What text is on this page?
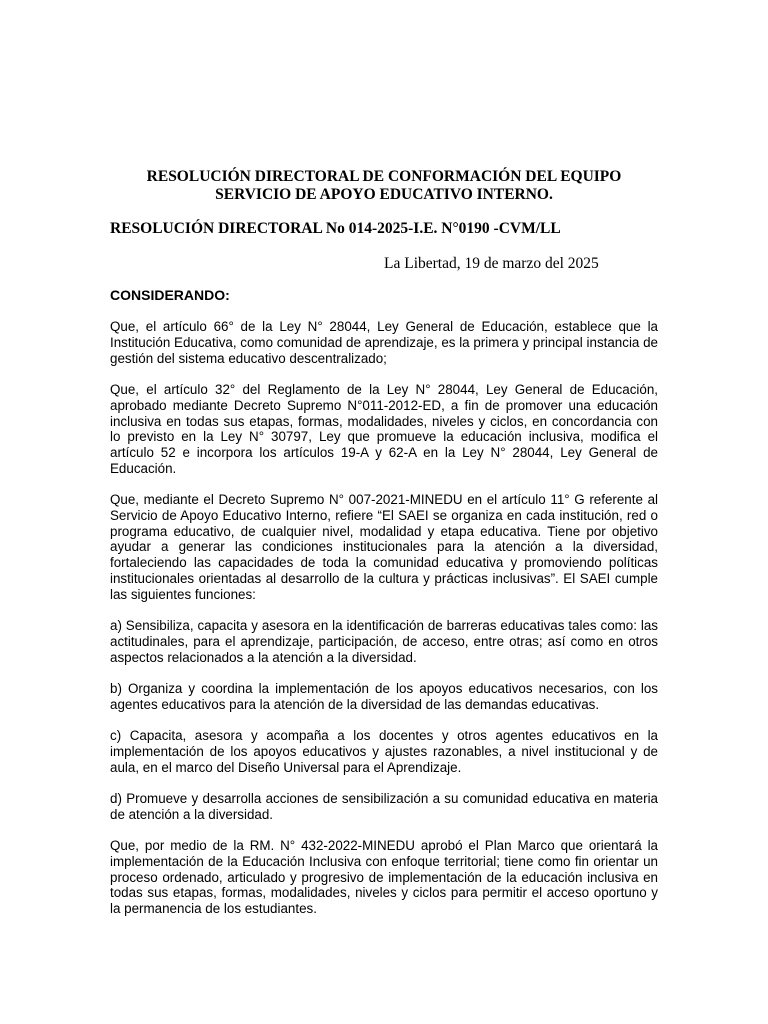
RESOLUCIÓN DIRECTORAL DE CONFORMACIÓN DEL EQUIPO
SERVICIO DE APOYO EDUCATIVO INTERNO.
RESOLUCIÓN DIRECTORAL No 014-2025-I.E. N°0190 -CVM/LL
La Libertad, 19 de marzo del 2025
CONSIDERANDO:

Que, el artículo 66° de la Ley N° 28044, Ley General de Educación, establece que la Institución Educativa, como comunidad de aprendizaje, es la primera y principal instancia de gestión del sistema educativo descentralizado;

Que, el artículo 32° del Reglamento de la Ley N° 28044, Ley General de Educación, aprobado mediante Decreto Supremo N°011-2012-ED, a fin de promover una educación inclusiva en todas sus etapas, formas, modalidades, niveles y ciclos, en concordancia con lo previsto en la Ley N° 30797, Ley que promueve la educación inclusiva, modifica el artículo 52 e incorpora los artículos 19-A y 62-A en la Ley N° 28044, Ley General de Educación.

Que, mediante el Decreto Supremo N° 007-2021-MINEDU en el artículo 11° G referente al Servicio de Apoyo Educativo Interno, refiere “El SAEI se organiza en cada institución, red o programa educativo, de cualquier nivel, modalidad y etapa educativa. Tiene por objetivo ayudar a generar las condiciones institucionales para la atención a la diversidad, fortaleciendo las capacidades de toda la comunidad educativa y promoviendo políticas institucionales orientadas al desarrollo de la cultura y prácticas inclusivas”. El SAEI cumple las siguientes funciones:

a) Sensibiliza, capacita y asesora en la identificación de barreras educativas tales como: las actitudinales, para el aprendizaje, participación, de acceso, entre otras; así como en otros aspectos relacionados a la atención a la diversidad.

b) Organiza y coordina la implementación de los apoyos educativos necesarios, con los agentes educativos para la atención de la diversidad de las demandas educativas.

c) Capacita, asesora y acompaña a los docentes y otros agentes educativos en la implementación de los apoyos educativos y ajustes razonables, a nivel institucional y de aula, en el marco del Diseño Universal para el Aprendizaje.

d) Promueve y desarrolla acciones de sensibilización a su comunidad educativa en materia de atención a la diversidad.

Que, por medio de la RM. N° 432-2022-MINEDU aprobó el Plan Marco que orientará la implementación de la Educación Inclusiva con enfoque territorial; tiene como fin orientar un proceso ordenado, articulado y progresivo de implementación de la educación inclusiva en todas sus etapas, formas, modalidades, niveles y ciclos para permitir el acceso oportuno y la permanencia de los estudiantes.
